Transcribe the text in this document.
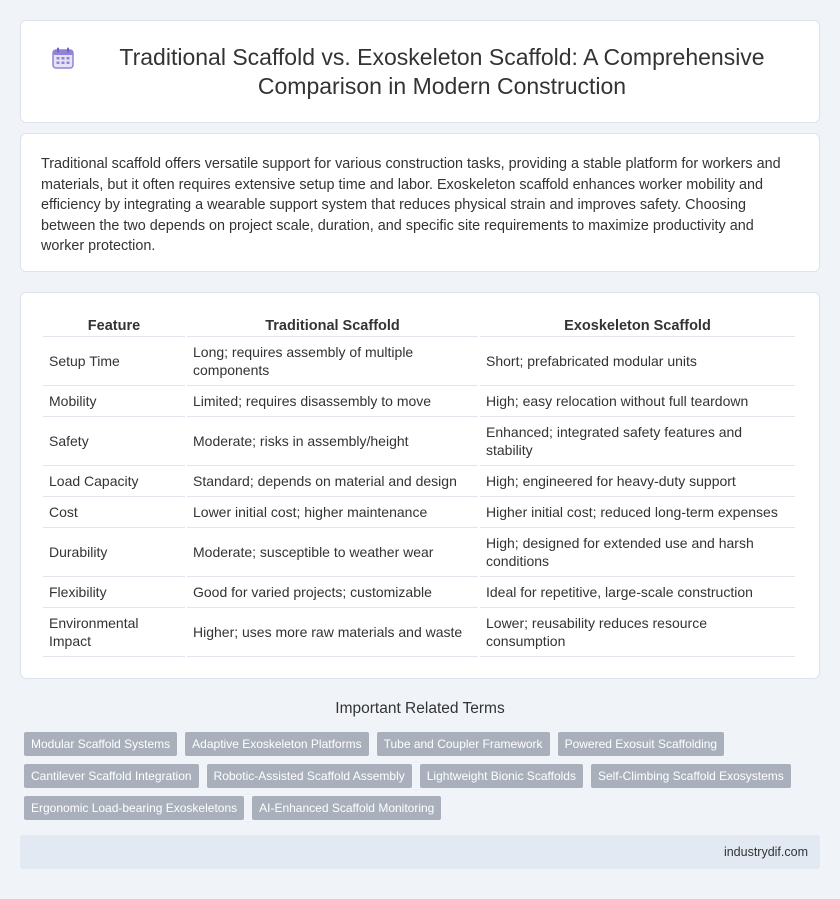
Traditional Scaffold vs. Exoskeleton Scaffold: A Comprehensive Comparison in Modern Construction

Traditional scaffold offers versatile support for various construction tasks, providing a stable platform for workers and materials, but it often requires extensive setup time and labor. Exoskeleton scaffold enhances worker mobility and efficiency by integrating a wearable support system that reduces physical strain and improves safety. Choosing between the two depends on project scale, duration, and specific site requirements to maximize productivity and worker protection.

Feature	Traditional Scaffold	Exoskeleton Scaffold
Setup Time	Long; requires assembly of multiple components	Short; prefabricated modular units
Mobility	Limited; requires disassembly to move	High; easy relocation without full teardown
Safety	Moderate; risks in assembly/height	Enhanced; integrated safety features and stability
Load Capacity	Standard; depends on material and design	High; engineered for heavy-duty support
Cost	Lower initial cost; higher maintenance	Higher initial cost; reduced long-term expenses
Durability	Moderate; susceptible to weather wear	High; designed for extended use and harsh conditions
Flexibility	Good for varied projects; customizable	Ideal for repetitive, large-scale construction
Environmental Impact	Higher; uses more raw materials and waste	Lower; reusability reduces resource consumption
Important Related Terms
Modular Scaffold Systems	Adaptive Exoskeleton Platforms	Tube and Coupler Framework	Powered Exosuit Scaffolding
Cantilever Scaffold Integration	Robotic-Assisted Scaffold Assembly	Lightweight Bionic Scaffolds	Self-Climbing Scaffold Exosystems
Ergonomic Load-bearing Exoskeletons	AI-Enhanced Scaffold Monitoring
industrydif.com
